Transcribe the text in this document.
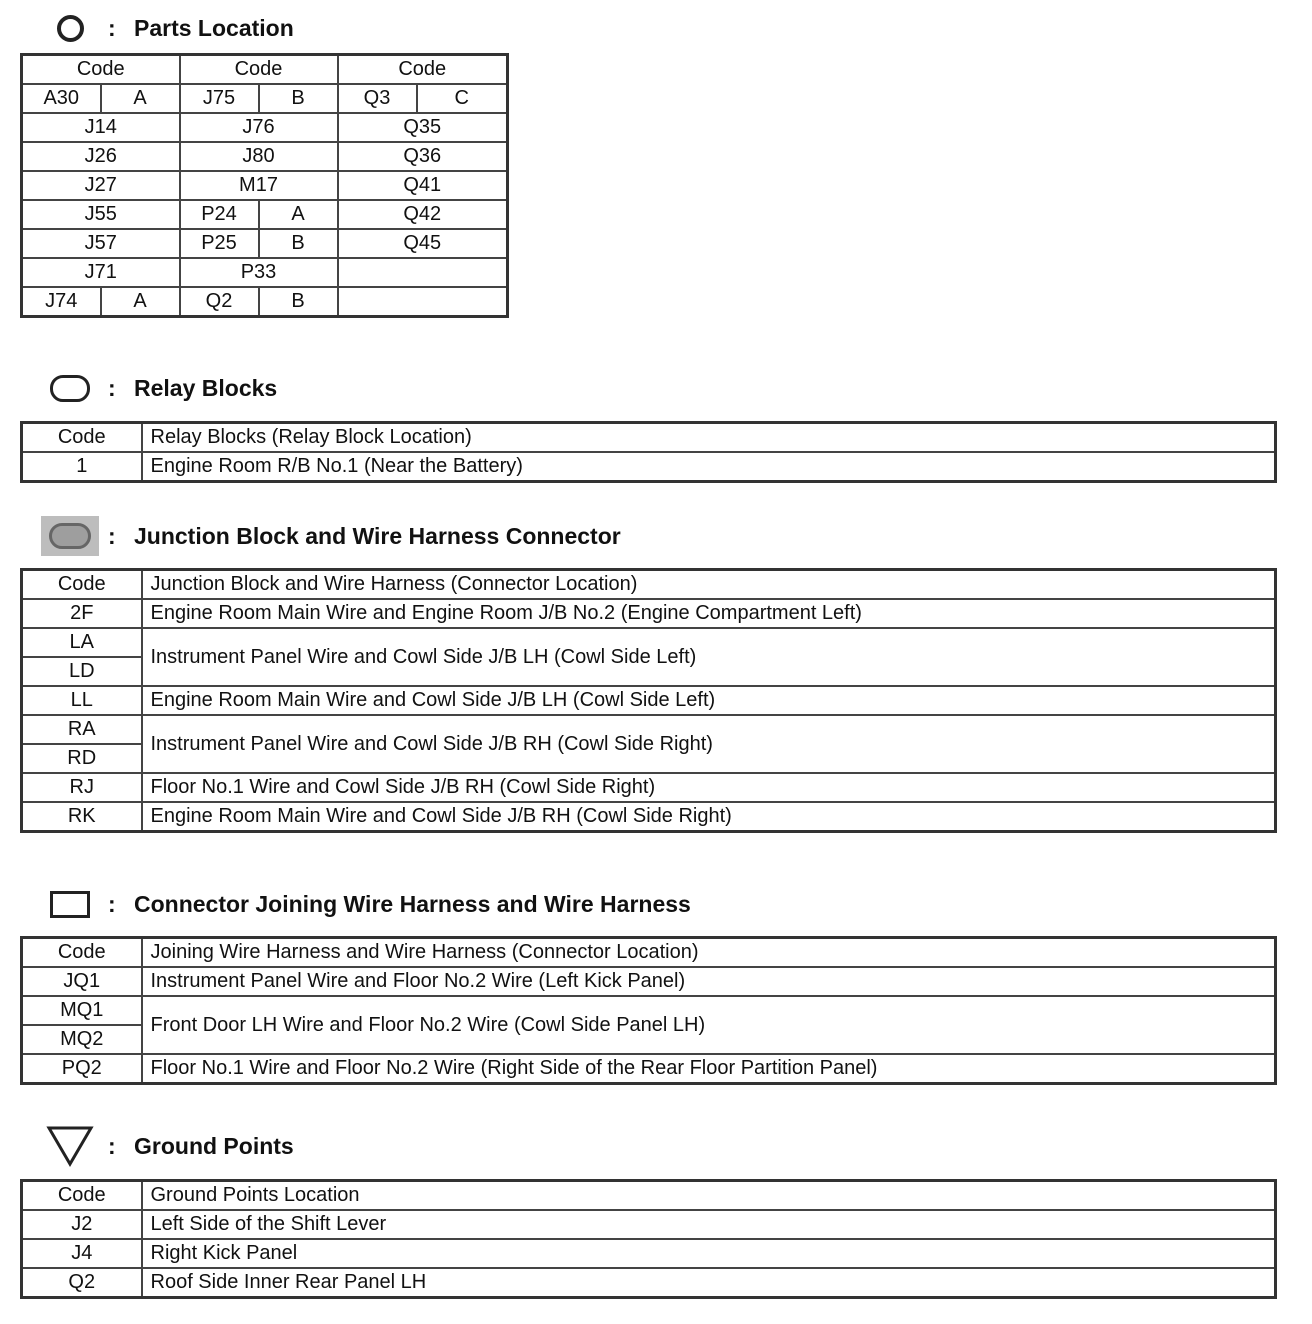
: Parts Location
Code		Code		Code	
A30	A	J75	B	Q3	C
J14		J76		Q35	
J26		J80		Q36	
J27		M17		Q41	
J55		P24	A	Q42	
J57		P25	B	Q45	
J71		P33			
J74	A	Q2	B		
: Relay Blocks
Code	Relay Blocks (Relay Block Location)
1	Engine Room R/B No.1 (Near the Battery)
: Junction Block and Wire Harness Connector
Code	Junction Block and Wire Harness (Connector Location)
2F	Engine Room Main Wire and Engine Room J/B No.2 (Engine Compartment Left)
LA	Instrument Panel Wire and Cowl Side J/B LH (Cowl Side Left)
LD	
LL	Engine Room Main Wire and Cowl Side J/B LH (Cowl Side Left)
RA	Instrument Panel Wire and Cowl Side J/B RH (Cowl Side Right)
RD	
RJ	Floor No.1 Wire and Cowl Side J/B RH (Cowl Side Right)
RK	Engine Room Main Wire and Cowl Side J/B RH (Cowl Side Right)
: Connector Joining Wire Harness and Wire Harness
Code	Joining Wire Harness and Wire Harness (Connector Location)
JQ1	Instrument Panel Wire and Floor No.2 Wire (Left Kick Panel)
MQ1	Front Door LH Wire and Floor No.2 Wire (Cowl Side Panel LH)
MQ2	
PQ2	Floor No.1 Wire and Floor No.2 Wire (Right Side of the Rear Floor Partition Panel)
: Ground Points
Code	Ground Points Location
J2	Left Side of the Shift Lever
J4	Right Kick Panel
Q2	Roof Side Inner Rear Panel LH
